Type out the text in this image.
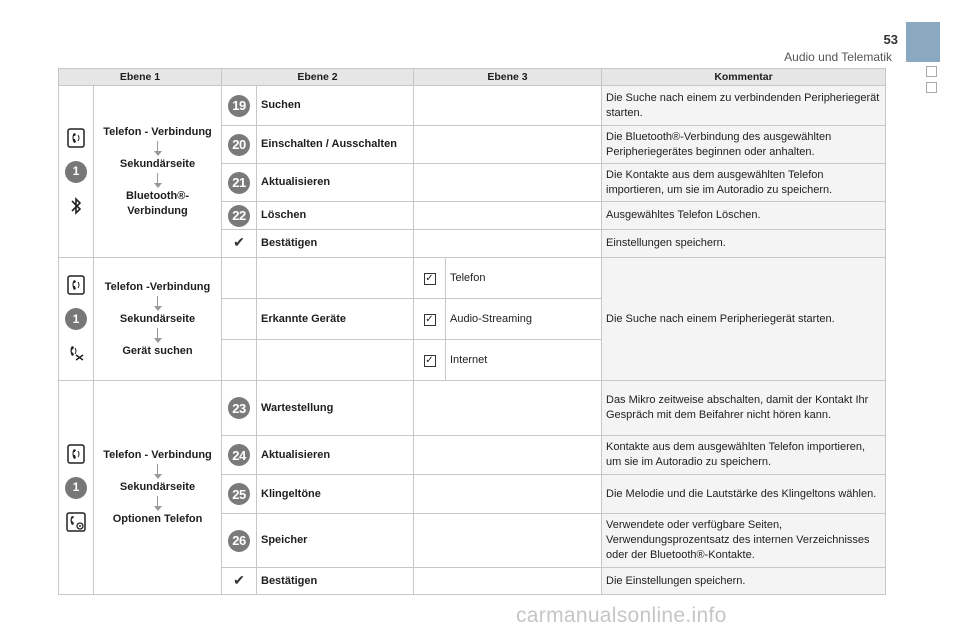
53
Audio und Telematik
Ebene 1		Ebene 2		Ebene 3		Kommentar

1	Telefon - Verbindung
Sekundärseite
Bluetooth®- Verbindung	19	Suchen			Die Suche nach einem zu verbindenden Peripheriegerät starten.
		20	Einschalten / Ausschalten			Die Bluetooth®-Verbindung des ausgewählten Peripheriegerätes beginnen oder anhalten.
		21	Aktualisieren			Die Kontakte aus dem ausgewählten Telefon importieren, um sie im Autoradio zu speichern.
		22	Löschen			Ausgewähltes Telefon Löschen.
		✔	Bestätigen			Einstellungen speichern.

1	Telefon -Verbindung
Sekundärseite
Gerät suchen			✓	Telefon	Die Suche nach einem Peripheriegerät starten.
			Erkannte Geräte	✓	Audio-Streaming	
				✓	Internet	

1	Telefon - Verbindung
Sekundärseite
Optionen Telefon	23	Wartestellung			Das Mikro zeitweise abschalten, damit der Kontakt Ihr Gespräch mit dem Beifahrer nicht hören kann.
		24	Aktualisieren			Kontakte aus dem ausgewählten Telefon importieren, um sie im Autoradio zu speichern.
		25	Klingeltöne			Die Melodie und die Lautstärke des Klingeltons wählen.
		26	Speicher			Verwendete oder verfügbare Seiten, Verwendungsprozentsatz des internen Verzeichnisses oder der Bluetooth®-Kontakte.
		✔	Bestätigen			Die Einstellungen speichern.
carmanualsonline.info
